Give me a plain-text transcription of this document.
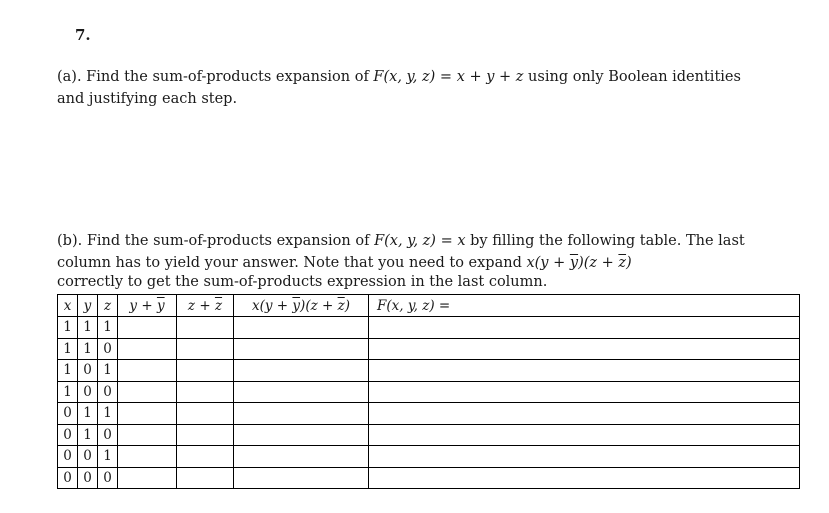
7.
(a). Find the sum-of-products expansion of F(x, y, z) = x + y + z using only Boolean identities and justifying each step.
(b). Find the sum-of-products expansion of F(x, y, z) = x by filling the following table. The last column has to yield your answer. Note that you need to expand $x(y + \overline{y})(z + \overline{z})$
correctly to get the sum-of-products expression in the last column.
x	y	z	$y + \overline{y}$	$z + \overline{z}$	$x(y + \overline{y})(z + \overline{z})$	F(x, y, z) =
1	1	1				
1	1	0				
1	0	1				
1	0	0				
0	1	1				
0	1	0				
0	0	1				
0	0	0				
